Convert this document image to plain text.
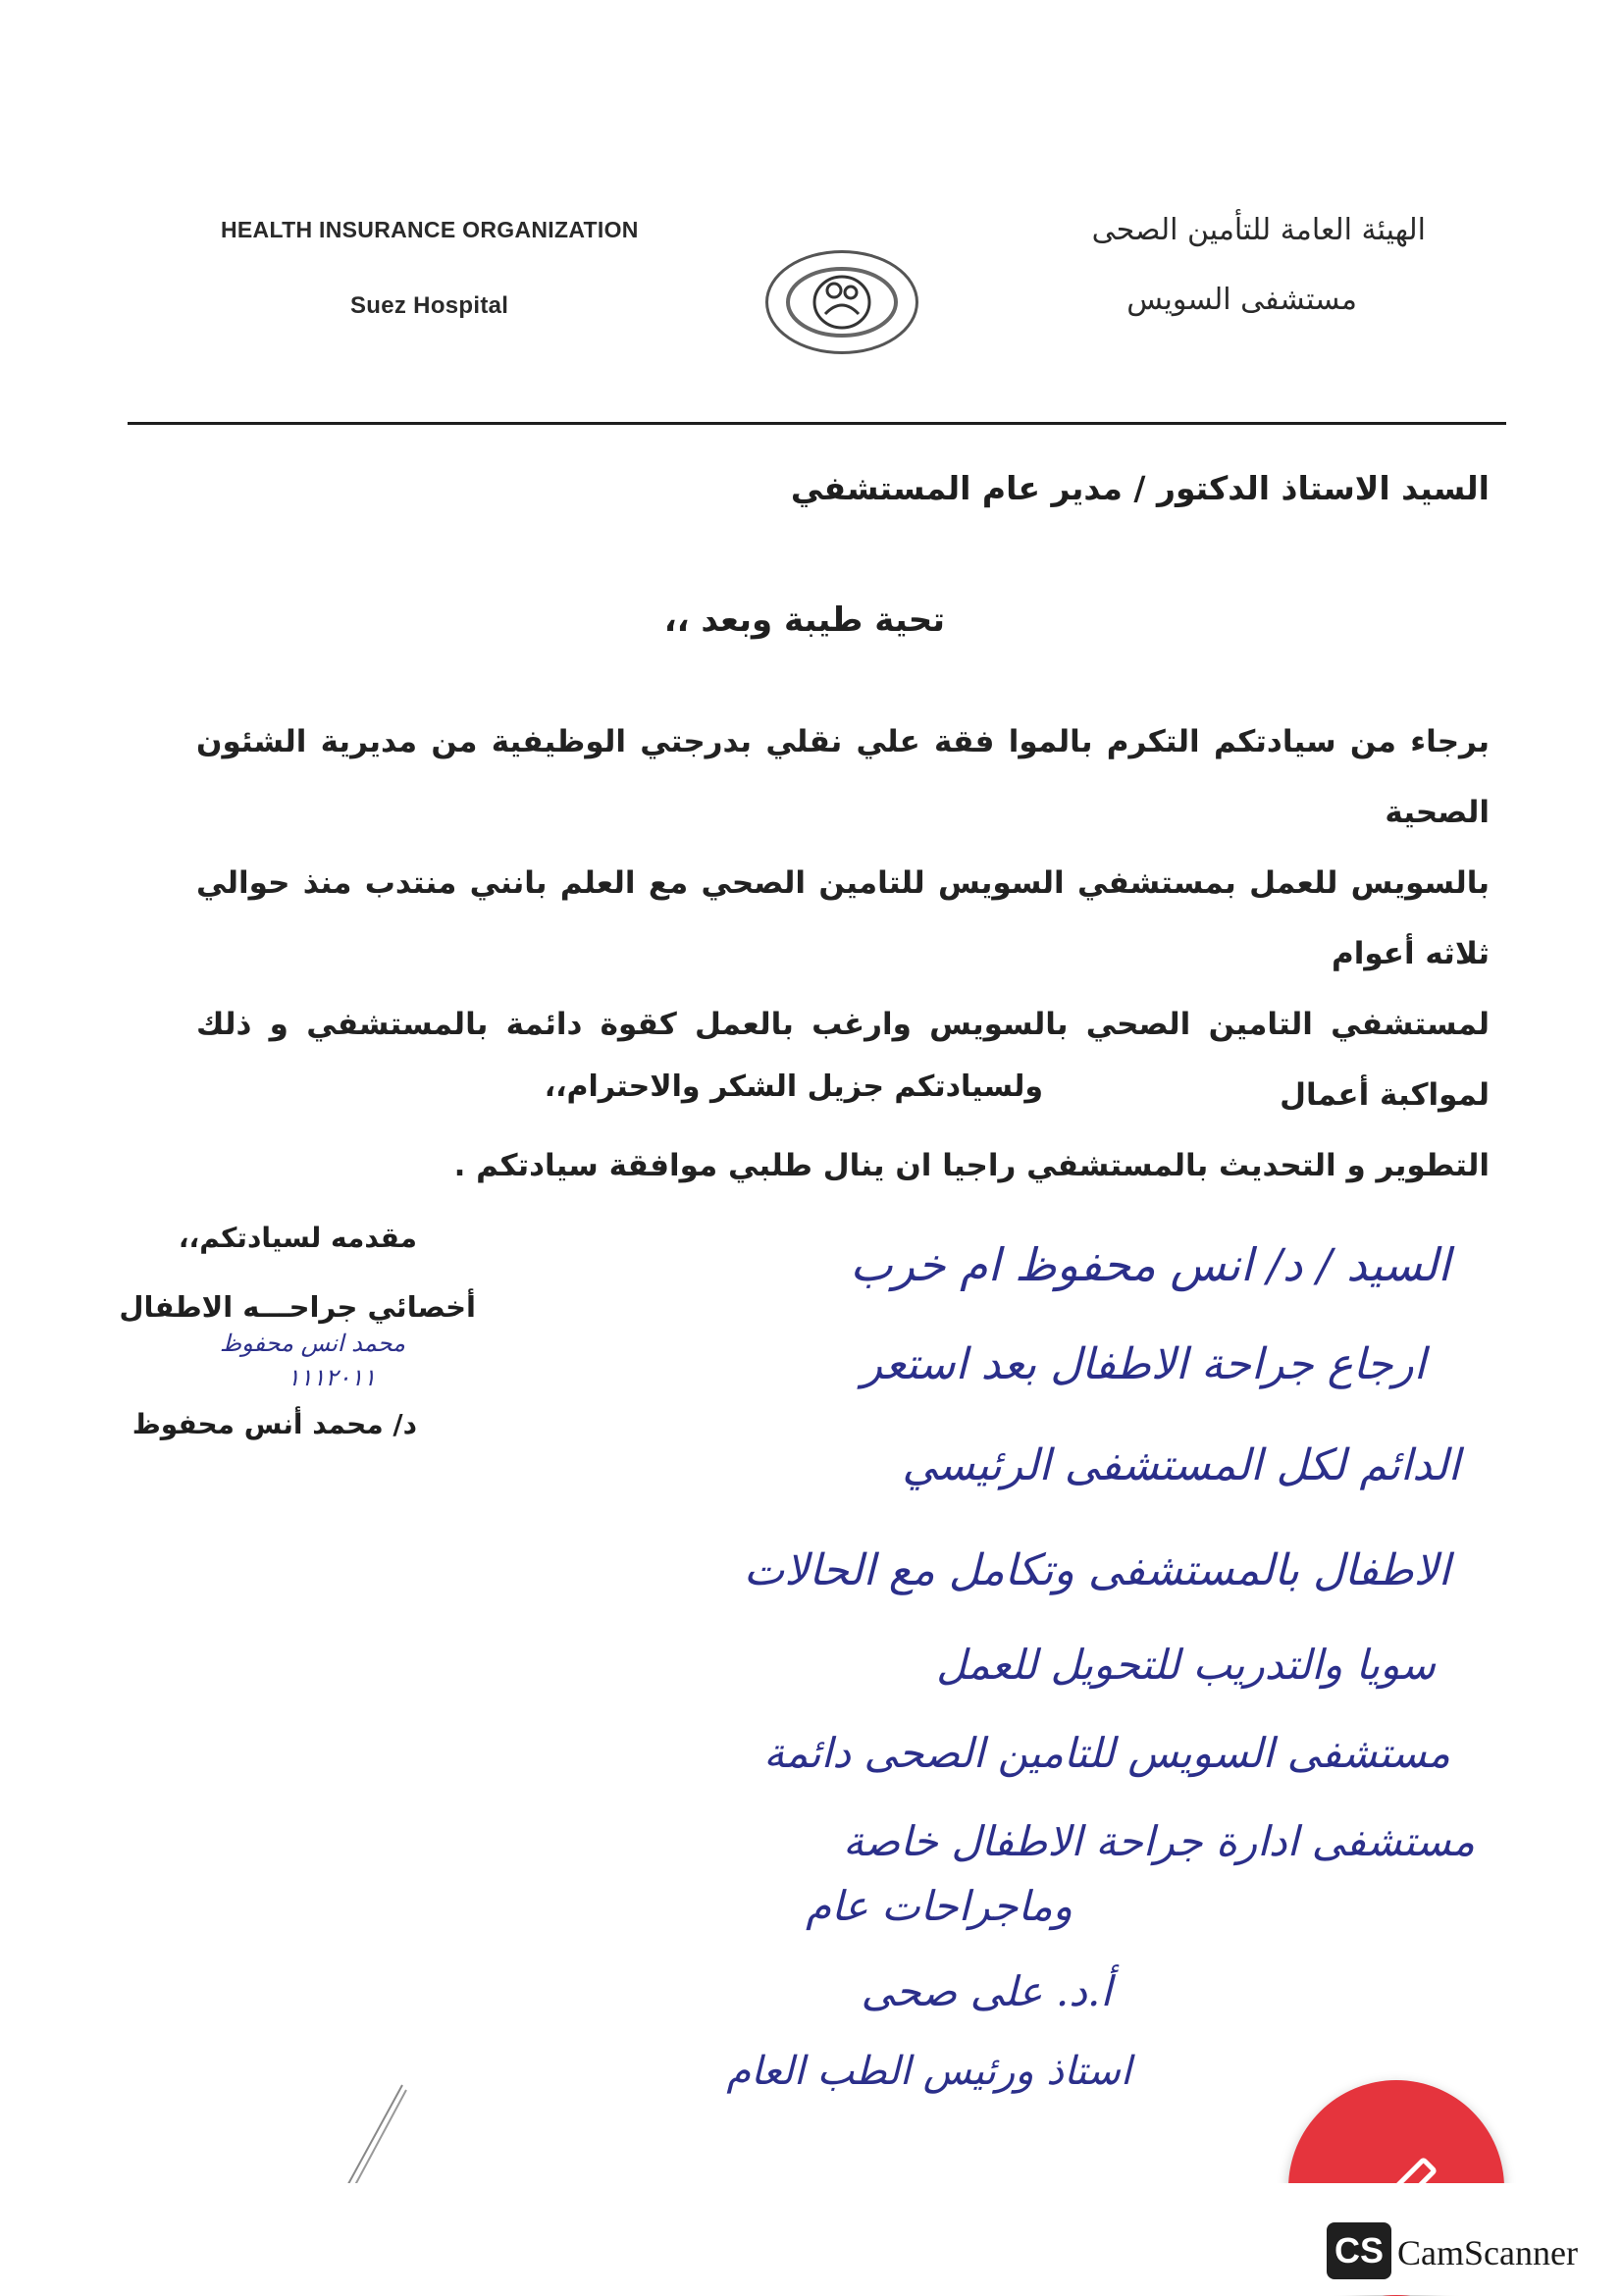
HEALTH INSURANCE ORGANIZATION
Suez Hospital
الهيئة العامة للتأمين الصحى
مستشفى السويس
السيد الاستاذ الدكتور / مدير عام المستشفي
تحية طيبة وبعد ،،
برجاء من سيادتكم التكرم بالموا فقة علي نقلي بدرجتي الوظيفية من مديرية الشئون الصحية
بالسويس للعمل بمستشفي السويس للتامين الصحي مع العلم بانني منتدب منذ حوالي ثلاثه أعوام
لمستشفي التامين الصحي بالسويس وارغب بالعمل كقوة دائمة بالمستشفي و ذلك لمواكبة أعمال
التطوير و التحديث بالمستشفي راجيا ان ينال طلبي موافقة سيادتكم .
ولسيادتكم جزيل الشكر والاحترام،،
مقدمه لسيادتكم،،
أخصائي جراحـــه الاطفال
محمد انس محفوظ
١١١٢٠١١
د/ محمد أنس محفوظ
السيد / د/ انس محفوظ ام خرب
ارجاع جراحة الاطفال بعد استعر
الدائم لكل المستشفى الرئيسي
الاطفال بالمستشفى وتكامل مع الحالات
سويا والتدريب للتحويل للعمل
مستشفى السويس للتامين الصحى دائمة
مستشفى ادارة جراحة الاطفال خاصة
وماجراحات عام
أ.د. على صحى
استاذ ورئيس الطب العام
CS CamScanner
